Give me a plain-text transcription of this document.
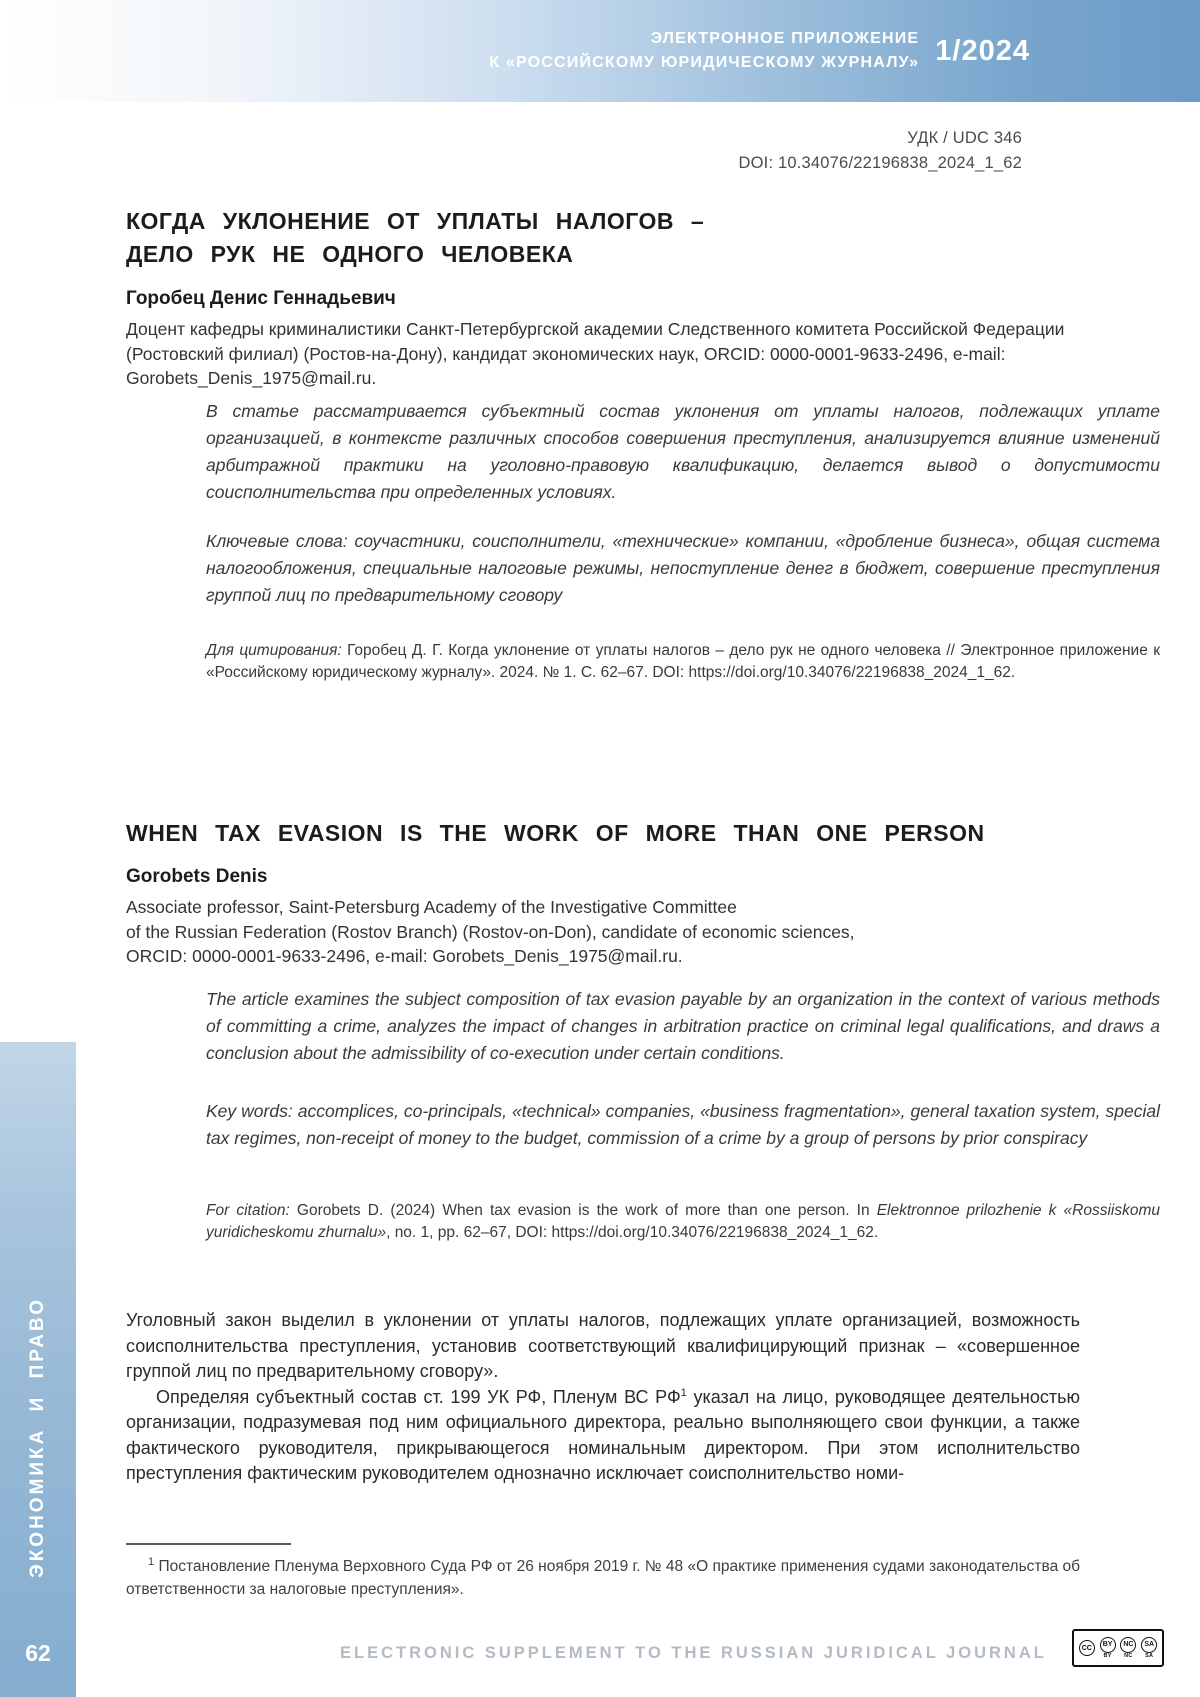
ЭЛЕКТРОННОЕ ПРИЛОЖЕНИЕ
К «РОССИЙСКОМУ ЮРИДИЧЕСКОМУ ЖУРНАЛУ» 1/2024
УДК / UDC 346
DOI: 10.34076/22196838_2024_1_62
КОГДА УКЛОНЕНИЕ ОТ УПЛАТЫ НАЛОГОВ –
ДЕЛО РУК НЕ ОДНОГО ЧЕЛОВЕКА

Горобец Денис Геннадьевич

Доцент кафедры криминалистики Санкт-Петербургской академии Следственного комитета Российской Федерации (Ростовский филиал) (Ростов-на-Дону), кандидат экономических наук, ORCID: 0000-0001-9633-2496, e-mail: Gorobets_Denis_1975@mail.ru.

В статье рассматривается субъектный состав уклонения от уплаты налогов, подлежащих уплате организацией, в контексте различных способов совершения преступления, анализируется влияние изменений арбитражной практики на уголовно-правовую квалификацию, делается вывод о допустимости соисполнительства при определенных условиях.

Ключевые слова: соучастники, соисполнители, «технические» компании, «дробление бизнеса», общая система налогообложения, специальные налоговые режимы, непоступление денег в бюджет, совершение преступления группой лиц по предварительному сговору

Для цитирования: Горобец Д. Г. Когда уклонение от уплаты налогов – дело рук не одного человека // Электронное приложение к «Российскому юридическому журналу». 2024. № 1. С. 62–67. DOI: https://doi.org/10.34076/22196838_2024_1_62.

WHEN TAX EVASION IS THE WORK OF MORE THAN ONE PERSON

Gorobets Denis

Associate professor, Saint-Petersburg Academy of the Investigative Committee
of the Russian Federation (Rostov Branch) (Rostov-on-Don), candidate of economic sciences,
ORCID: 0000-0001-9633-2496, e-mail: Gorobets_Denis_1975@mail.ru.

The article examines the subject composition of tax evasion payable by an organization in the context of various methods of committing a crime, analyzes the impact of changes in arbitration practice on criminal legal qualifications, and draws a conclusion about the admissibility of co-execution under certain conditions.

Key words: accomplices, co-principals, «technical» companies, «business fragmentation», general taxation system, special tax regimes, non-receipt of money to the budget, commission of a crime by a group of persons by prior conspiracy

For citation: Gorobets D. (2024) When tax evasion is the work of more than one person. In Elektronnoe prilozhenie k «Rossiiskomu yuridicheskomu zhurnalu», no. 1, pp. 62–67, DOI: https://doi.org/10.34076/22196838_2024_1_62.

Уголовный закон выделил в уклонении от уплаты налогов, подлежащих уплате организацией, возможность соисполнительства преступления, установив соответствующий квалифицирующий признак – «совершенное группой лиц по предварительному сговору».

Определяя субъектный состав ст. 199 УК РФ, Пленум ВС РФ$^1$ указал на лицо, руководящее деятельностью организации, подразумевая под ним официального директора, реально выполняющего свои функции, а также фактического руководителя, прикрывающегося номинальным директором. При этом исполнительство преступления фактическим руководителем однозначно исключает соисполнительство номи-

$^1$ Постановление Пленума Верховного Суда РФ от 26 ноября 2019 г. № 48 «О практике применения судами законодательства об ответственности за налоговые преступления».

ЭКОНОМИКА И ПРАВО
62	ELECTRONIC SUPPLEMENT TO THE RUSSIAN JURIDICAL JOURNAL	CC	BY
BY
NC
NC
SA
SA
